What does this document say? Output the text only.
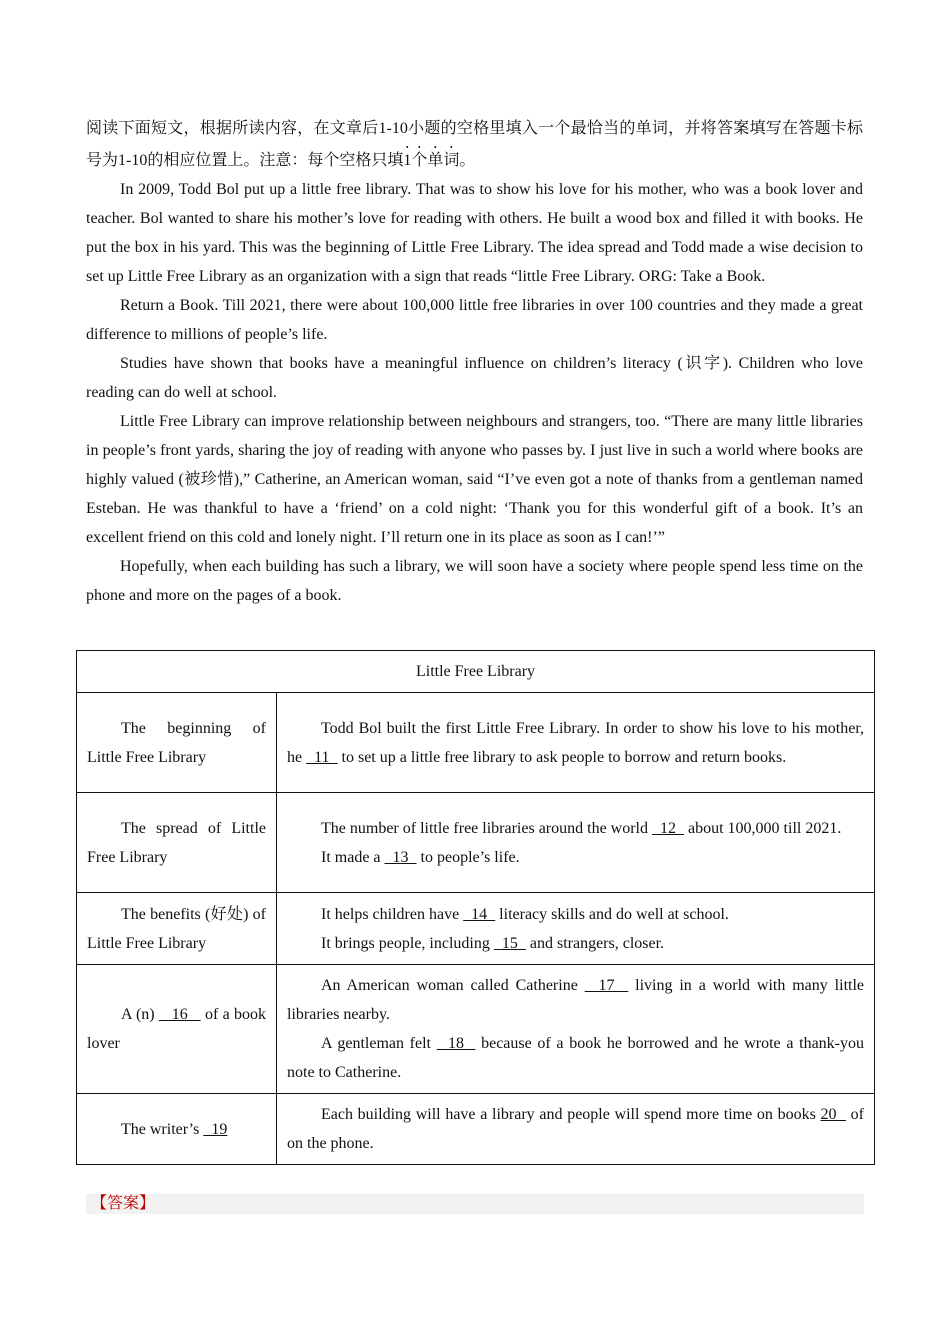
阅读下面短文，根据所读内容，在文章后1-10小题的空格里填入一个最恰当的单词，并将答案填写在答题卡标号为1-10的相应位置上。注意：每个空格只填1个单词。

In 2009, Todd Bol put up a little free library. That was to show his love for his mother, who was a book lover and teacher. Bol wanted to share his mother’s love for reading with others. He built a wood box and filled it with books. He put the box in his yard. This was the beginning of Little Free Library. The idea spread and Todd made a wise decision to set up Little Free Library as an organization with a sign that reads “little Free Library. ORG: Take a Book.

Return a Book. Till 2021, there were about 100,000 little free libraries in over 100 countries and they made a great difference to millions of people’s life.

Studies have shown that books have a meaningful influence on children’s literacy (识字). Children who love reading can do well at school.

Little Free Library can improve relationship between neighbours and strangers, too. “There are many little libraries in people’s front yards, sharing the joy of reading with anyone who passes by. I just live in such a world where books are highly valued (被珍惜),” Catherine, an American woman, said “I’ve even got a note of thanks from a gentleman named Esteban. He was thankful to have a ‘friend’ on a cold night: ‘Thank you for this wonderful gift of a book. It’s an excellent friend on this cold and lonely night. I’ll return one in its place as soon as I can!’”

Hopefully, when each building has such a library, we will soon have a society where people spend less time on the phone and more on the pages of a book.

Little Free Library	

The beginning of Little Free Library	Todd Bol built the first Little Free Library. In order to show his love to his mother, he   11   to set up a little free library to ask people to borrow and return books.

The spread of Little Free Library	The number of little free libraries around the world   12   about 100,000 till 2021.

It made a   13   to people’s life.

The benefits (好处) of Little Free Library	It helps children have   14   literacy skills and do well at school.

It brings people, including   15   and strangers, closer.

A (n)    16    of a book lover	An American woman called Catherine   17   living in a world with many little libraries nearby.

A gentleman felt   18   because of a book he borrowed and he wrote a thank-you note to Catherine.

The writer’s   19	Each building will have a library and people will spend more time on books 20   of on the phone.

【答案】
